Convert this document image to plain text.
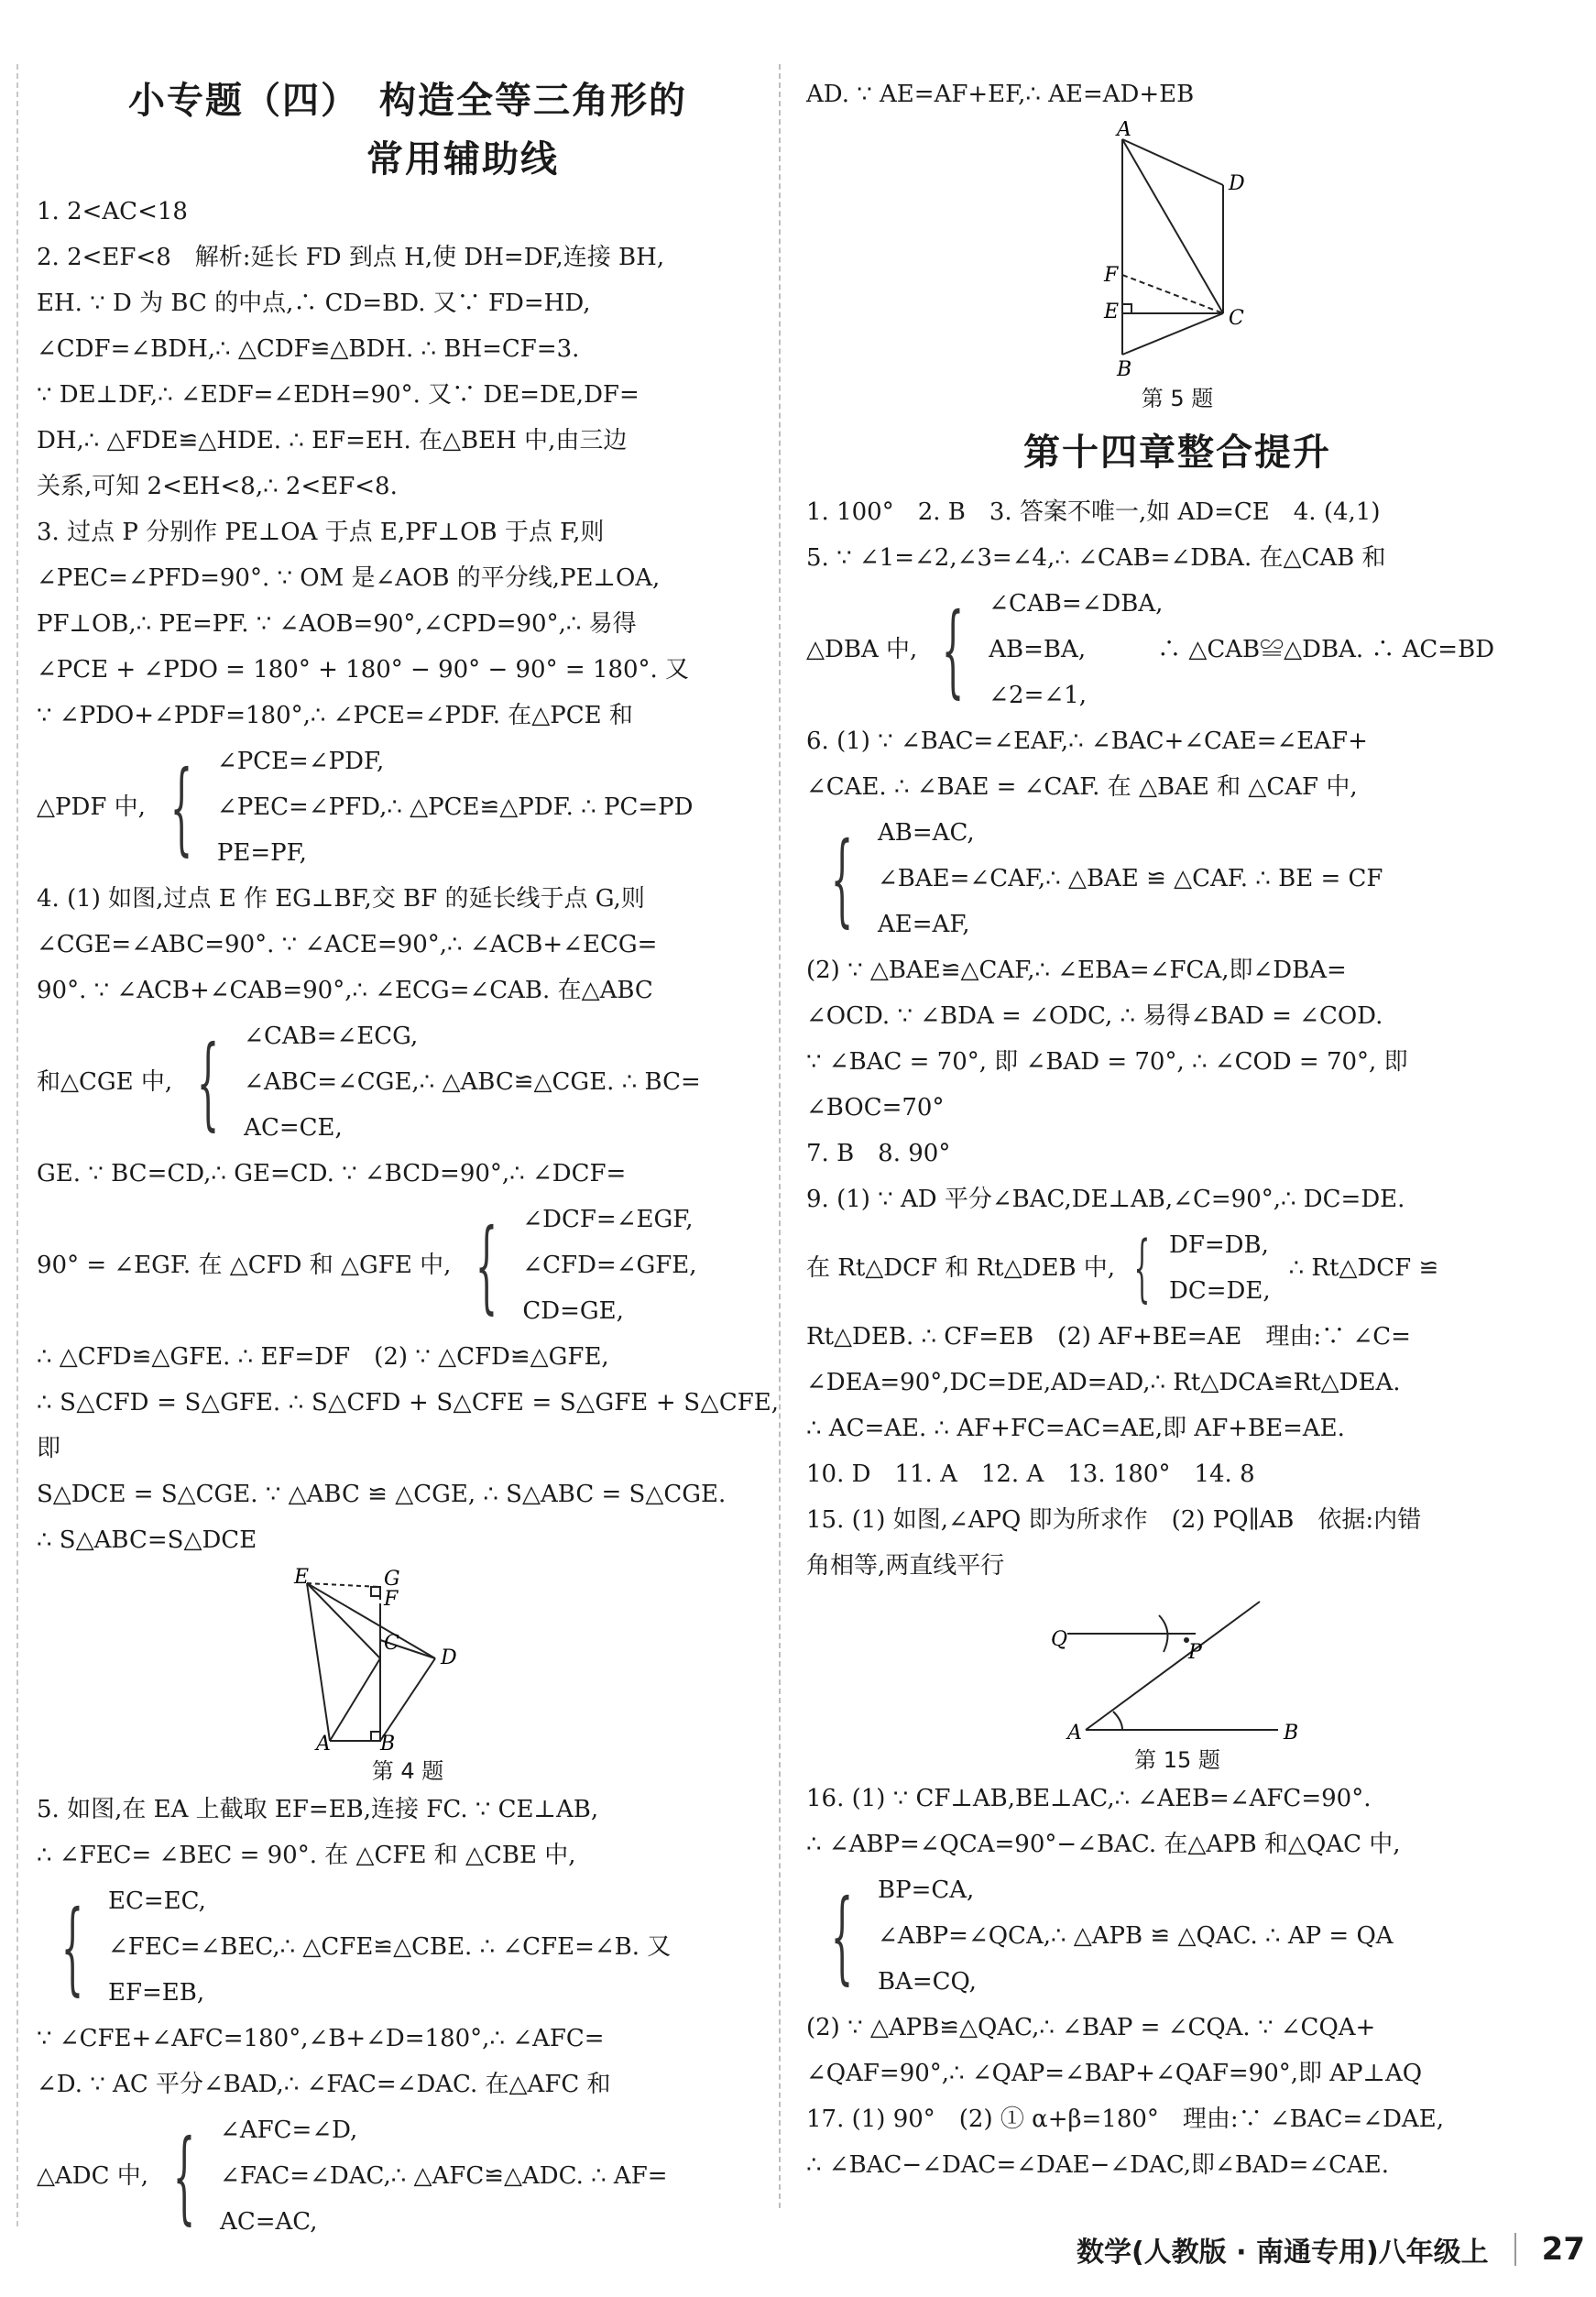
小专题（四）　构造全等三角形的
常用辅助线

1. 2<AC<18

2. 2<EF<8　解析:延长 FD 到点 H,使 DH=DF,连接 BH,

EH. ∵ D 为 BC 的中点,∴ CD=BD. 又∵ FD=HD,

∠CDF=∠BDH,∴ △CDF≌△BDH. ∴ BH=CF=3.

∵ DE⊥DF,∴ ∠EDF=∠EDH=90°. 又∵ DE=DE,DF=

DH,∴ △FDE≌△HDE. ∴ EF=EH. 在△BEH 中,由三边

关系,可知 2<EH<8,∴ 2<EF<8.

3. 过点 P 分别作 PE⊥OA 于点 E,PF⊥OB 于点 F,则

∠PEC=∠PFD=90°. ∵ OM 是∠AOB 的平分线,PE⊥OA,

PF⊥OB,∴ PE=PF. ∵ ∠AOB=90°,∠CPD=90°,∴ 易得

∠PCE + ∠PDO = 180° + 180° − 90° − 90° = 180°. 又

∵ ∠PDO+∠PDF=180°,∴ ∠PCE=∠PDF. 在△PCE 和

△PDF 中, { ∠PCE=∠PDF,
∠PEC=∠PFD,∴ △PCE≌△PDF. ∴ PC=PD
PE=PF,

4. (1) 如图,过点 E 作 EG⊥BF,交 BF 的延长线于点 G,则

∠CGE=∠ABC=90°. ∵ ∠ACE=90°,∴ ∠ACB+∠ECG=

90°. ∵ ∠ACB+∠CAB=90°,∴ ∠ECG=∠CAB. 在△ABC

和△CGE 中, { ∠CAB=∠ECG,
∠ABC=∠CGE,∴ △ABC≌△CGE. ∴ BC=
AC=CE,

GE. ∵ BC=CD,∴ GE=CD. ∵ ∠BCD=90°,∴ ∠DCF=

90° = ∠EGF. 在 △CFD 和 △GFE 中, { ∠DCF=∠EGF,
∠CFD=∠GFE,
CD=GE,

∴ △CFD≌△GFE. ∴ EF=DF　(2) ∵ △CFD≌△GFE,

∴ S△CFD = S△GFE. ∴ S△CFD + S△CFE = S△GFE + S△CFE,即

S△DCE = S△CGE. ∵ △ABC ≌ △CGE, ∴ S△ABC = S△CGE.

∴ S△ABC=S△DCE

E	G
F
C
D
A B
第 4 题

5. 如图,在 EA 上截取 EF=EB,连接 FC. ∵ CE⊥AB,

∴ ∠FEC= ∠BEC = 90°. 在 △CFE 和 △CBE 中,

{ EC=EC,
∠FEC=∠BEC,∴ △CFE≌△CBE. ∴ ∠CFE=∠B. 又
EF=EB,

∵ ∠CFE+∠AFC=180°,∠B+∠D=180°,∴ ∠AFC=

∠D. ∵ AC 平分∠BAD,∴ ∠FAC=∠DAC. 在△AFC 和

△ADC 中, { ∠AFC=∠D,
∠FAC=∠DAC,∴ △AFC≌△ADC. ∴ AF=
AC=AC,

AD. ∵ AE=AF+EF,∴ AE=AD+EB

A
D
F
E	C
B
第 5 题
第十四章整合提升

1. 100°　2. B　3. 答案不唯一,如 AD=CE　4. (4,1)

5. ∵ ∠1=∠2,∠3=∠4,∴ ∠CAB=∠DBA. 在△CAB 和

△DBA 中, { ∠CAB=∠DBA,
AB=BA,　　　∴ △CAB≌△DBA. ∴ AC=BD
∠2=∠1,

6. (1) ∵ ∠BAC=∠EAF,∴ ∠BAC+∠CAE=∠EAF+

∠CAE. ∴ ∠BAE = ∠CAF. 在 △BAE 和 △CAF 中,

{ AB=AC,
∠BAE=∠CAF,∴ △BAE ≌ △CAF. ∴ BE = CF
AE=AF,

(2) ∵ △BAE≌△CAF,∴ ∠EBA=∠FCA,即∠DBA=

∠OCD. ∵ ∠BDA = ∠ODC, ∴ 易得∠BAD = ∠COD.

∵ ∠BAC = 70°, 即 ∠BAD = 70°, ∴ ∠COD = 70°, 即

∠BOC=70°

7. B　8. 90°

9. (1) ∵ AD 平分∠BAC,DE⊥AB,∠C=90°,∴ DC=DE.

在 Rt△DCF 和 Rt△DEB 中, { DF=DB,
DC=DE,
∴ Rt△DCF ≌

Rt△DEB. ∴ CF=EB　(2) AF+BE=AE　理由:∵ ∠C=

∠DEA=90°,DC=DE,AD=AD,∴ Rt△DCA≌Rt△DEA.

∴ AC=AE. ∴ AF+FC=AC=AE,即 AF+BE=AE.

10. D　11. A　12. A　13. 180°　14. 8

15. (1) 如图,∠APQ 即为所求作　(2) PQ∥AB　依据:内错

角相等,两直线平行

Q
P
A	B
第 15 题

16. (1) ∵ CF⊥AB,BE⊥AC,∴ ∠AEB=∠AFC=90°.

∴ ∠ABP=∠QCA=90°−∠BAC. 在△APB 和△QAC 中,

{ BP=CA,
∠ABP=∠QCA,∴ △APB ≌ △QAC. ∴ AP = QA
BA=CQ,

(2) ∵ △APB≌△QAC,∴ ∠BAP = ∠CQA. ∵ ∠CQA+

∠QAF=90°,∴ ∠QAP=∠BAP+∠QAF=90°,即 AP⊥AQ

17. (1) 90°　(2) ① α+β=180°　理由:∵ ∠BAC=∠DAE,

∴ ∠BAC−∠DAC=∠DAE−∠DAC,即∠BAD=∠CAE.

数学(人教版 · 南通专用)八年级上 27
